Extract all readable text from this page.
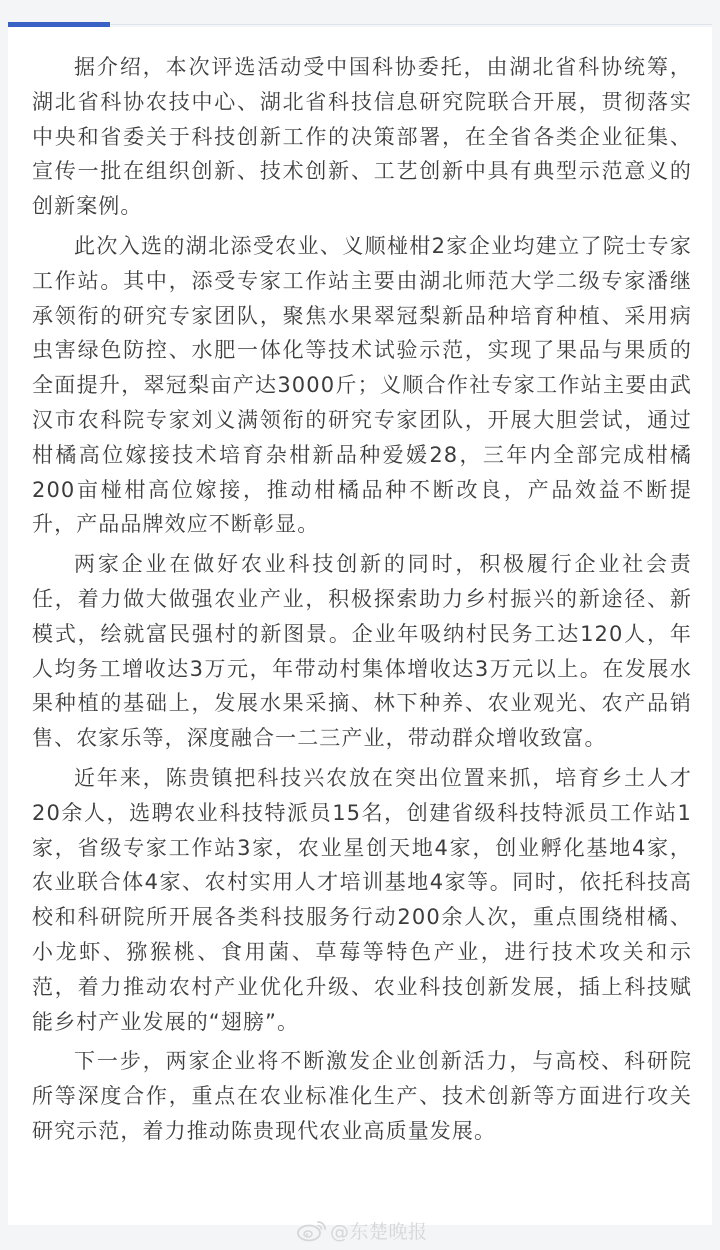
据介绍，本次评选活动受中国科协委托，由湖北省科协统筹，湖北省科协农技中心、湖北省科技信息研究院联合开展，贯彻落实中央和省委关于科技创新工作的决策部署，在全省各类企业征集、宣传一批在组织创新、技术创新、工艺创新中具有典型示范意义的创新案例。

此次入选的湖北添受农业、义顺椪柑2家企业均建立了院士专家工作站。其中，添受专家工作站主要由湖北师范大学二级专家潘继承领衔的研究专家团队，聚焦水果翠冠梨新品种培育种植、采用病虫害绿色防控、水肥一体化等技术试验示范，实现了果品与果质的全面提升，翠冠梨亩产达3000斤；义顺合作社专家工作站主要由武汉市农科院专家刘义满领衔的研究专家团队，开展大胆尝试，通过柑橘高位嫁接技术培育杂柑新品种爱媛28，三年内全部完成柑橘200亩椪柑高位嫁接，推动柑橘品种不断改良，产品效益不断提升，产品品牌效应不断彰显。

两家企业在做好农业科技创新的同时，积极履行企业社会责任，着力做大做强农业产业，积极探索助力乡村振兴的新途径、新模式，绘就富民强村的新图景。企业年吸纳村民务工达120人，年人均务工增收达3万元，年带动村集体增收达3万元以上。在发展水果种植的基础上，发展水果采摘、林下种养、农业观光、农产品销售、农家乐等，深度融合一二三产业，带动群众增收致富。

近年来，陈贵镇把科技兴农放在突出位置来抓，培育乡土人才20余人，选聘农业科技特派员15名，创建省级科技特派员工作站1家，省级专家工作站3家，农业星创天地4家，创业孵化基地4家，农业联合体4家、农村实用人才培训基地4家等。同时，依托科技高校和科研院所开展各类科技服务行动200余人次，重点围绕柑橘、小龙虾、猕猴桃、食用菌、草莓等特色产业，进行技术攻关和示范，着力推动农村产业优化升级、农业科技创新发展，插上科技赋能乡村产业发展的“翅膀”。

下一步，两家企业将不断激发企业创新活力，与高校、科研院所等深度合作，重点在农业标准化生产、技术创新等方面进行攻关研究示范，着力推动陈贵现代农业高质量发展。

@东楚晚报
